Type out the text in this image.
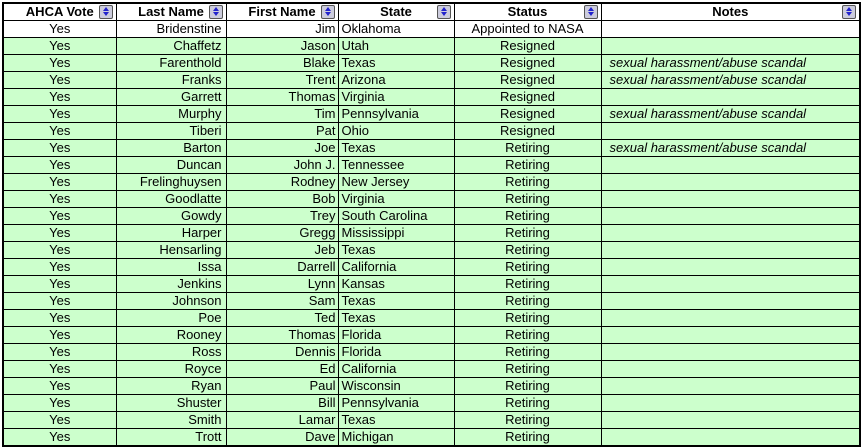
AHCA Vote	Last Name	First Name	State	Status	Notes

Yes	Bridenstine	Jim	Oklahoma	Appointed to NASA	
Yes	Chaffetz	Jason	Utah	Resigned	
Yes	Farenthold	Blake	Texas	Resigned	sexual harassment/abuse scandal
Yes	Franks	Trent	Arizona	Resigned	sexual harassment/abuse scandal
Yes	Garrett	Thomas	Virginia	Resigned	
Yes	Murphy	Tim	Pennsylvania	Resigned	sexual harassment/abuse scandal
Yes	Tiberi	Pat	Ohio	Resigned	
Yes	Barton	Joe	Texas	Retiring	sexual harassment/abuse scandal
Yes	Duncan	John J.	Tennessee	Retiring	
Yes	Frelinghuysen	Rodney	New Jersey	Retiring	
Yes	Goodlatte	Bob	Virginia	Retiring	
Yes	Gowdy	Trey	South Carolina	Retiring	
Yes	Harper	Gregg	Mississippi	Retiring	
Yes	Hensarling	Jeb	Texas	Retiring	
Yes	Issa	Darrell	California	Retiring	
Yes	Jenkins	Lynn	Kansas	Retiring	
Yes	Johnson	Sam	Texas	Retiring	
Yes	Poe	Ted	Texas	Retiring	
Yes	Rooney	Thomas	Florida	Retiring	
Yes	Ross	Dennis	Florida	Retiring	
Yes	Royce	Ed	California	Retiring	
Yes	Ryan	Paul	Wisconsin	Retiring	
Yes	Shuster	Bill	Pennsylvania	Retiring	
Yes	Smith	Lamar	Texas	Retiring	
Yes	Trott	Dave	Michigan	Retiring	
